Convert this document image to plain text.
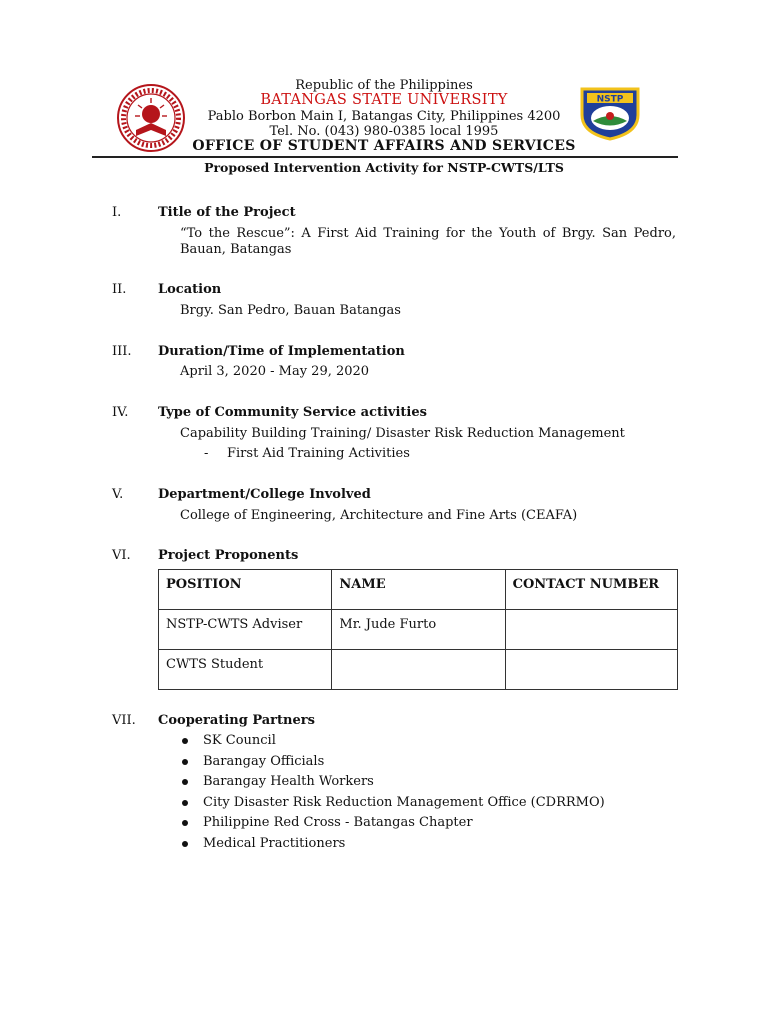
Republic of the Philippines
BATANGAS STATE UNIVERSITY
Pablo Borbon Main I, Batangas City, Philippines 4200
Tel. No. (043) 980-0385 local 1995
OFFICE OF STUDENT AFFAIRS AND SERVICES
NSTP
Proposed Intervention Activity for NSTP-CWTS/LTS
I.	Title of the Project
“To the Rescue”: A First Aid Training for the Youth of Brgy. San Pedro, Bauan, Batangas
II. Location
Brgy. San Pedro, Bauan Batangas
III. Duration/Time of Implementation
April 3, 2020 - May 29, 2020
IV. Type of Community Service activities
Capability Building Training/ Disaster Risk Reduction Management
- First Aid Training Activities
V.	Department/College Involved
College of Engineering, Architecture and Fine Arts (CEAFA)
VI. Project Proponents
POSITION	NAME	CONTACT NUMBER
NSTP-CWTS Adviser	Mr. Jude Furto	
CWTS Student		
VII. Cooperating Partners
SK Council
Barangay Officials
Barangay Health Workers
City Disaster Risk Reduction Management Office (CDRRMO)
Philippine Red Cross - Batangas Chapter
Medical Practitioners
